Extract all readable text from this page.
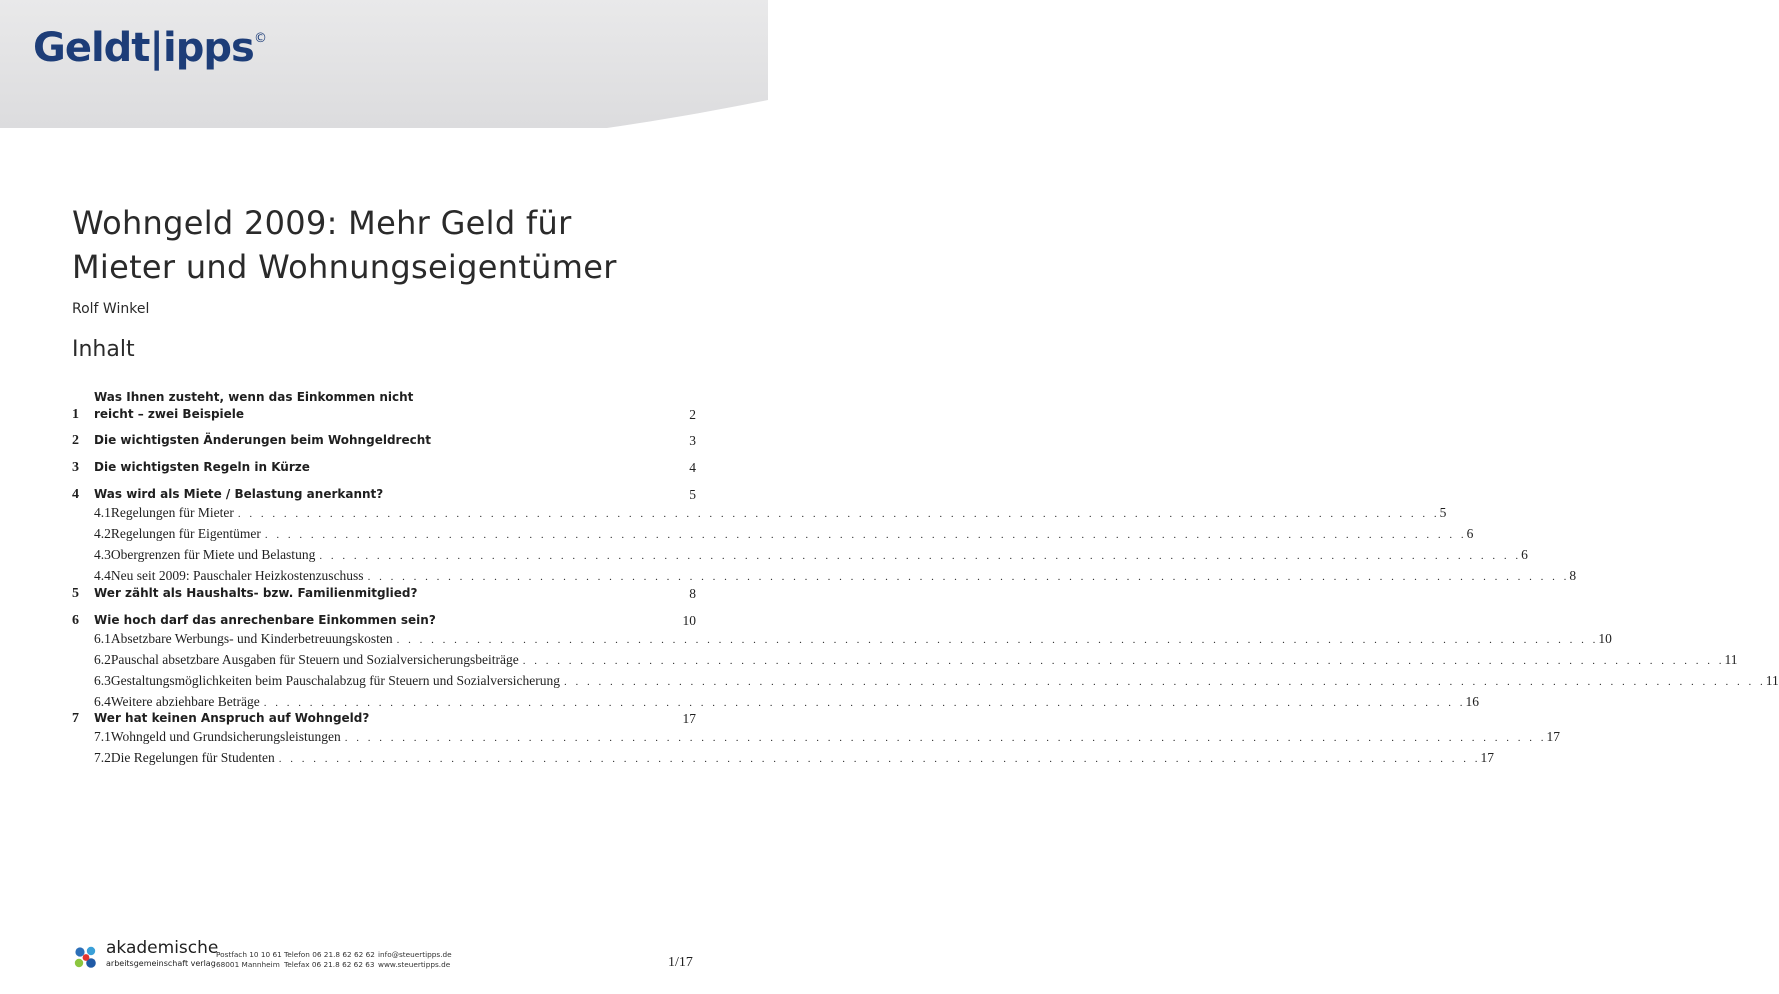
Geldt|ipps ©
Wohngeld 2009: Mehr Geld für
Mieter und Wohnungseigentümer
Rolf Winkel
Inhalt
1
Was Ihnen zusteht, wenn das Einkommen nicht
reicht – zwei Beispiele	2
2	Die wichtigsten Änderungen beim Wohngeldrecht	3
3	Die wichtigsten Regeln in Kürze	4
4	Was wird als Miete / Belastung anerkannt?	5
4.1 Regelungen für Mieter . . . . . . . . . . . . . . . . . . . . . . . . . . . . . . . . . . . . . . . . . . . . . . . . . . . . . . . . . . . . . . . . . . . . . . . . . . . . . . . . . . . . . . . . . . . . . . . . . . . . . . . . . 5
4.2 Regelungen für Eigentümer . . . . . . . . . . . . . . . . . . . . . . . . . . . . . . . . . . . . . . . . . . . . . . . . . . . . . . . . . . . . . . . . . . . . . . . . . . . . . . . . . . . . . . . . . . . . . . . . . . . . . . . . . 6
4.3 Obergrenzen für Miete und Belastung . . . . . . . . . . . . . . . . . . . . . . . . . . . . . . . . . . . . . . . . . . . . . . . . . . . . . . . . . . . . . . . . . . . . . . . . . . . . . . . . . . . . . . . . . . . . . . . . . . . . . . . . . 6
4.4 Neu seit 2009: Pauschaler Heizkostenzuschuss . . . . . . . . . . . . . . . . . . . . . . . . . . . . . . . . . . . . . . . . . . . . . . . . . . . . . . . . . . . . . . . . . . . . . . . . . . . . . . . . . . . . . . . . . . . . . . . . . . . . . . . . . 8
5	Wer zählt als Haushalts- bzw. Familienmitglied?	8
6	Wie hoch darf das anrechenbare Einkommen sein?	10
6.1 Absetzbare Werbungs- und Kinderbetreuungskosten . . . . . . . . . . . . . . . . . . . . . . . . . . . . . . . . . . . . . . . . . . . . . . . . . . . . . . . . . . . . . . . . . . . . . . . . . . . . . . . . . . . . . . . . . . . . . . . . . . . . . . . . . 10
6.2 Pauschal absetzbare Ausgaben für Steuern und Sozialversicherungsbeiträge . . . . . . . . . . . . . . . . . . . . . . . . . . . . . . . . . . . . . . . . . . . . . . . . . . . . . . . . . . . . . . . . . . . . . . . . . . . . . . . . . . . . . . . . . . . . . . . . . . . . . . . . . 11
6.3 Gestaltungsmöglichkeiten beim Pauschalabzug für Steuern und Sozialversicherung . . . . . . . . . . . . . . . . . . . . . . . . . . . . . . . . . . . . . . . . . . . . . . . . . . . . . . . . . . . . . . . . . . . . . . . . . . . . . . . . . . . . . . . . . . . . . . . . . . . . . . . . . 11
6.4 Weitere abziehbare Beträge . . . . . . . . . . . . . . . . . . . . . . . . . . . . . . . . . . . . . . . . . . . . . . . . . . . . . . . . . . . . . . . . . . . . . . . . . . . . . . . . . . . . . . . . . . . . . . . . . . . . . . . . . 16
7	Wer hat keinen Anspruch auf Wohngeld?	17
7.1 Wohngeld und Grundsicherungsleistungen . . . . . . . . . . . . . . . . . . . . . . . . . . . . . . . . . . . . . . . . . . . . . . . . . . . . . . . . . . . . . . . . . . . . . . . . . . . . . . . . . . . . . . . . . . . . . . . . . . . . . . . . . 17
7.2 Die Regelungen für Studenten . . . . . . . . . . . . . . . . . . . . . . . . . . . . . . . . . . . . . . . . . . . . . . . . . . . . . . . . . . . . . . . . . . . . . . . . . . . . . . . . . . . . . . . . . . . . . . . . . . . . . . . . . 17
akademische
arbeitsgemeinschaft verlag
Postfach 10 10 61
68001 Mannheim
Telefon 06 21.8 62 62 62
Telefax 06 21.8 62 62 63
info@steuertipps.de
www.steuertipps.de	1/17
